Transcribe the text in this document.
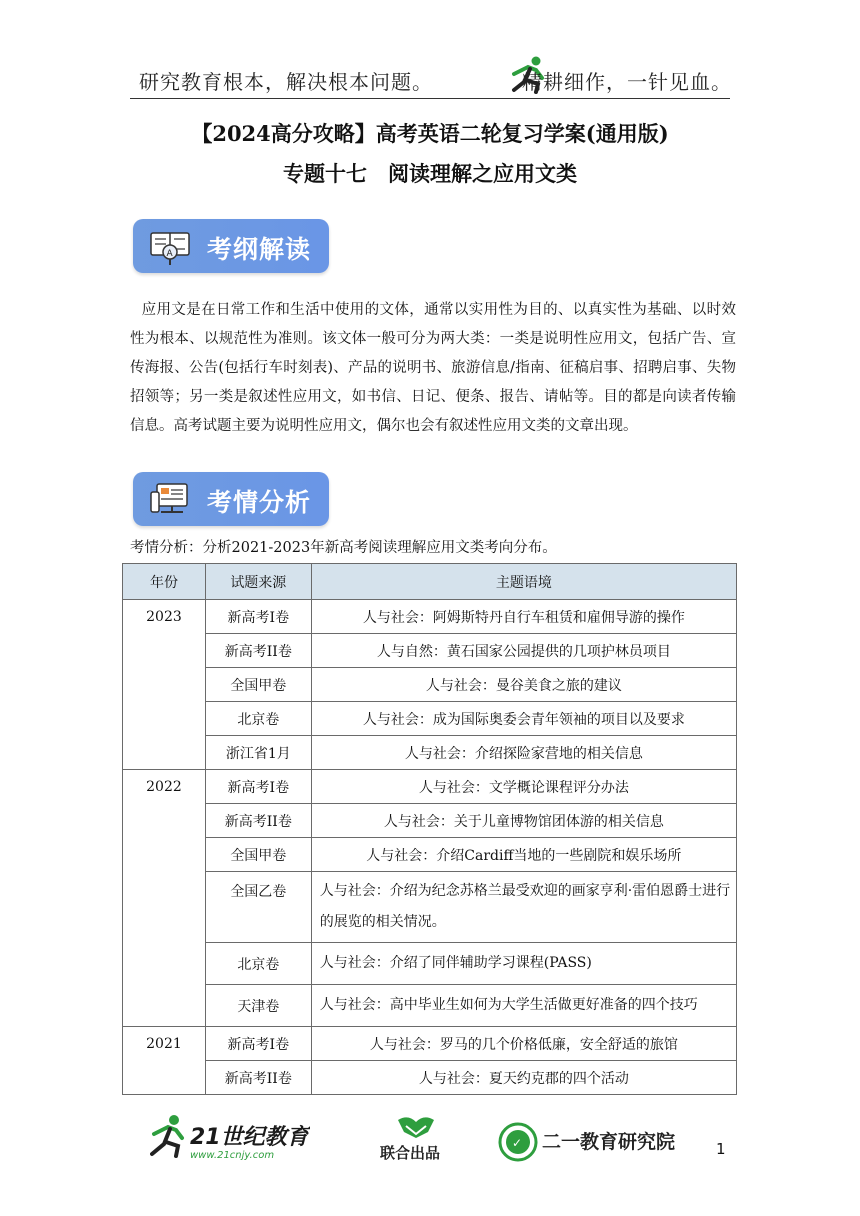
研究教育根本，解决根本问题。	精耕细作，一针见血。
【2024高分攻略】高考英语二轮复习学案(通用版)
专题十七　阅读理解之应用文类
A 考纲解读
应用文是在日常工作和生活中使用的文体，通常以实用性为目的、以真实性为基础、以时效性为根本、以规范性为准则。该文体一般可分为两大类：一类是说明性应用文，包括广告、宣传海报、公告(包括行车时刻表)、产品的说明书、旅游信息/指南、征稿启事、招聘启事、失物招领等；另一类是叙述性应用文，如书信、日记、便条、报告、请帖等。目的都是向读者传输信息。高考试题主要为说明性应用文，偶尔也会有叙述性应用文类的文章出现。
考情分析
考情分析：分析2021-2023年新高考阅读理解应用文类考向分布。
年份	试题来源	主题语境
2023	新高考I卷	人与社会：阿姆斯特丹自行车租赁和雇佣导游的操作
	新高考II卷	人与自然：黄石国家公园提供的几项护林员项目
	全国甲卷	人与社会：曼谷美食之旅的建议
	北京卷	人与社会：成为国际奥委会青年领袖的项目以及要求
	浙江省1月	人与社会：介绍探险家营地的相关信息
2022	新高考I卷	人与社会：文学概论课程评分办法
	新高考II卷	人与社会：关于儿童博物馆团体游的相关信息
	全国甲卷	人与社会：介绍Cardiff当地的一些剧院和娱乐场所
	全国乙卷	人与社会：介绍为纪念苏格兰最受欢迎的画家亨利·雷伯恩爵士进行的展览的相关情况。
	北京卷	人与社会：介绍了同伴辅助学习课程(PASS)
	天津卷	人与社会：高中毕业生如何为大学生活做更好准备的四个技巧
2021	新高考I卷	人与社会：罗马的几个价格低廉，安全舒适的旅馆
	新高考II卷	人与社会：夏天约克郡的四个活动
21世纪教育
www.21cnjy.com	联合出品
✓ 二一教育研究院	1
